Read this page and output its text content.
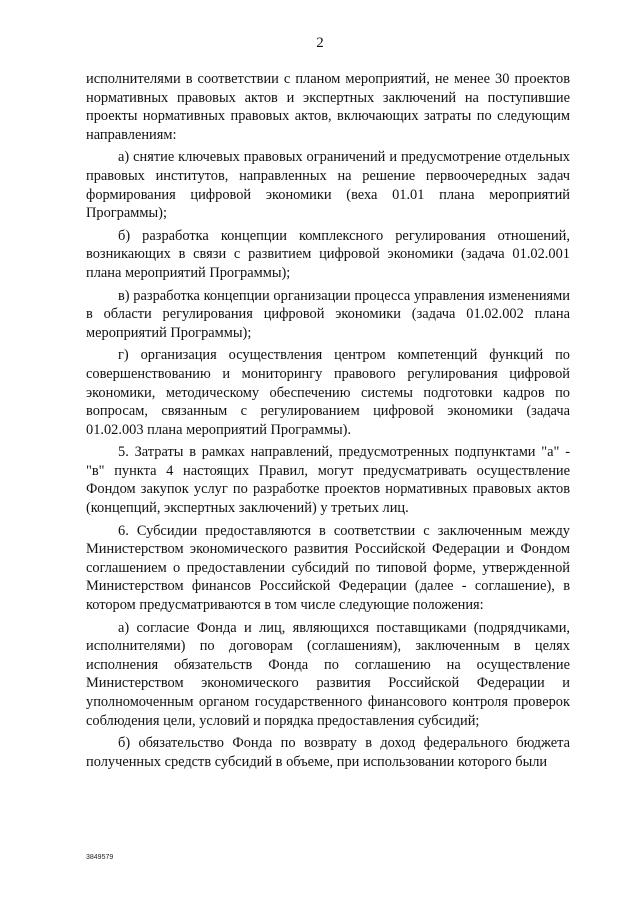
2

исполнителями в соответствии с планом мероприятий, не менее 30 проектов нормативных правовых актов и экспертных заключений на поступившие проекты нормативных правовых актов, включающих затраты по следующим направлениям:

а) снятие ключевых правовых ограничений и предусмотрение отдельных правовых институтов, направленных на решение первоочередных задач формирования цифровой экономики (веха 01.01 плана мероприятий Программы);

б) разработка концепции комплексного регулирования отношений, возникающих в связи с развитием цифровой экономики (задача 01.02.001 плана мероприятий Программы);

в) разработка концепции организации процесса управления изменениями в области регулирования цифровой экономики (задача 01.02.002 плана мероприятий Программы);

г) организация осуществления центром компетенций функций по совершенствованию и мониторингу правового регулирования цифровой экономики, методическому обеспечению системы подготовки кадров по вопросам, связанным с регулированием цифровой экономики (задача 01.02.003 плана мероприятий Программы).

5. Затраты в рамках направлений, предусмотренных подпунктами "а" - "в" пункта 4 настоящих Правил, могут предусматривать осуществление Фондом закупок услуг по разработке проектов нормативных правовых актов (концепций, экспертных заключений) у третьих лиц.

6. Субсидии предоставляются в соответствии с заключенным между Министерством экономического развития Российской Федерации и Фондом соглашением о предоставлении субсидий по типовой форме, утвержденной Министерством финансов Российской Федерации (далее - соглашение), в котором предусматриваются в том числе следующие положения:

а) согласие Фонда и лиц, являющихся поставщиками (подрядчиками, исполнителями) по договорам (соглашениям), заключенным в целях исполнения обязательств Фонда по соглашению на осуществление Министерством экономического развития Российской Федерации и уполномоченным органом государственного финансового контроля проверок соблюдения цели, условий и порядка предоставления субсидий;

б) обязательство Фонда по возврату в доход федерального бюджета полученных средств субсидий в объеме, при использовании которого были

3849579
